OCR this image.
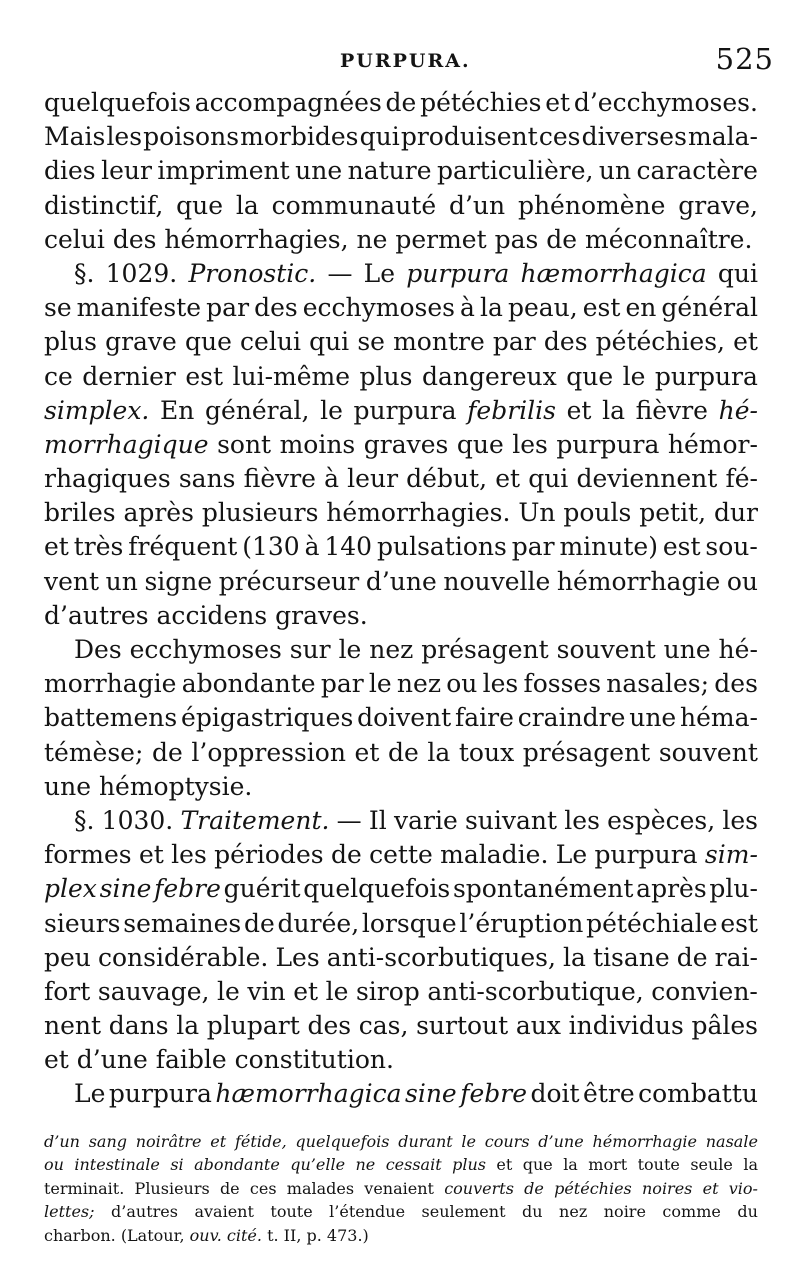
PURPURA.	525
quelquefois accompagnées de pétéchies et d’ecchymoses.
Mais les poisons morbides qui produisent ces diverses mala-
dies leur impriment une nature particulière, un caractère
distinctif, que la communauté d’un phénomène grave,
celui des hémorrhagies, ne permet pas de méconnaître.
§. 1029. Pronostic. — Le purpura hæmorrhagica qui
se manifeste par des ecchymoses à la peau, est en général
plus grave que celui qui se montre par des pétéchies, et
ce dernier est lui-même plus dangereux que le purpura
simplex. En général, le purpura febrilis et la fièvre hé-
morrhagique sont moins graves que les purpura hémor-
rhagiques sans fièvre à leur début, et qui deviennent fé-
briles après plusieurs hémorrhagies. Un pouls petit, dur
et très fréquent (130 à 140 pulsations par minute) est sou-
vent un signe précurseur d’une nouvelle hémorrhagie ou
d’autres accidens graves.
Des ecchymoses sur le nez présagent souvent une hé-
morrhagie abondante par le nez ou les fosses nasales; des
battemens épigastriques doivent faire craindre une héma-
témèse; de l’oppression et de la toux présagent souvent
une hémoptysie.
§. 1030. Traitement. — Il varie suivant les espèces, les
formes et les périodes de cette maladie. Le purpura sim-
plex sine febre guérit quelquefois spontanément après plu-
sieurs semaines de durée, lorsque l’éruption pétéchiale est
peu considérable. Les anti-scorbutiques, la tisane de rai-
fort sauvage, le vin et le sirop anti-scorbutique, convien-
nent dans la plupart des cas, surtout aux individus pâles
et d’une faible constitution.
Le purpura hæmorrhagica sine febre doit être combattu
d’un sang noirâtre et fétide, quelquefois durant le cours d’une hémorrhagie nasale
ou intestinale si abondante qu’elle ne cessait plus et que la mort toute seule la
terminait. Plusieurs de ces malades venaient couverts de pétéchies noires et vio-
lettes; d’autres avaient toute l’étendue seulement du nez noire comme du
charbon. (Latour, ouv. cité. t. II, p. 473.)
